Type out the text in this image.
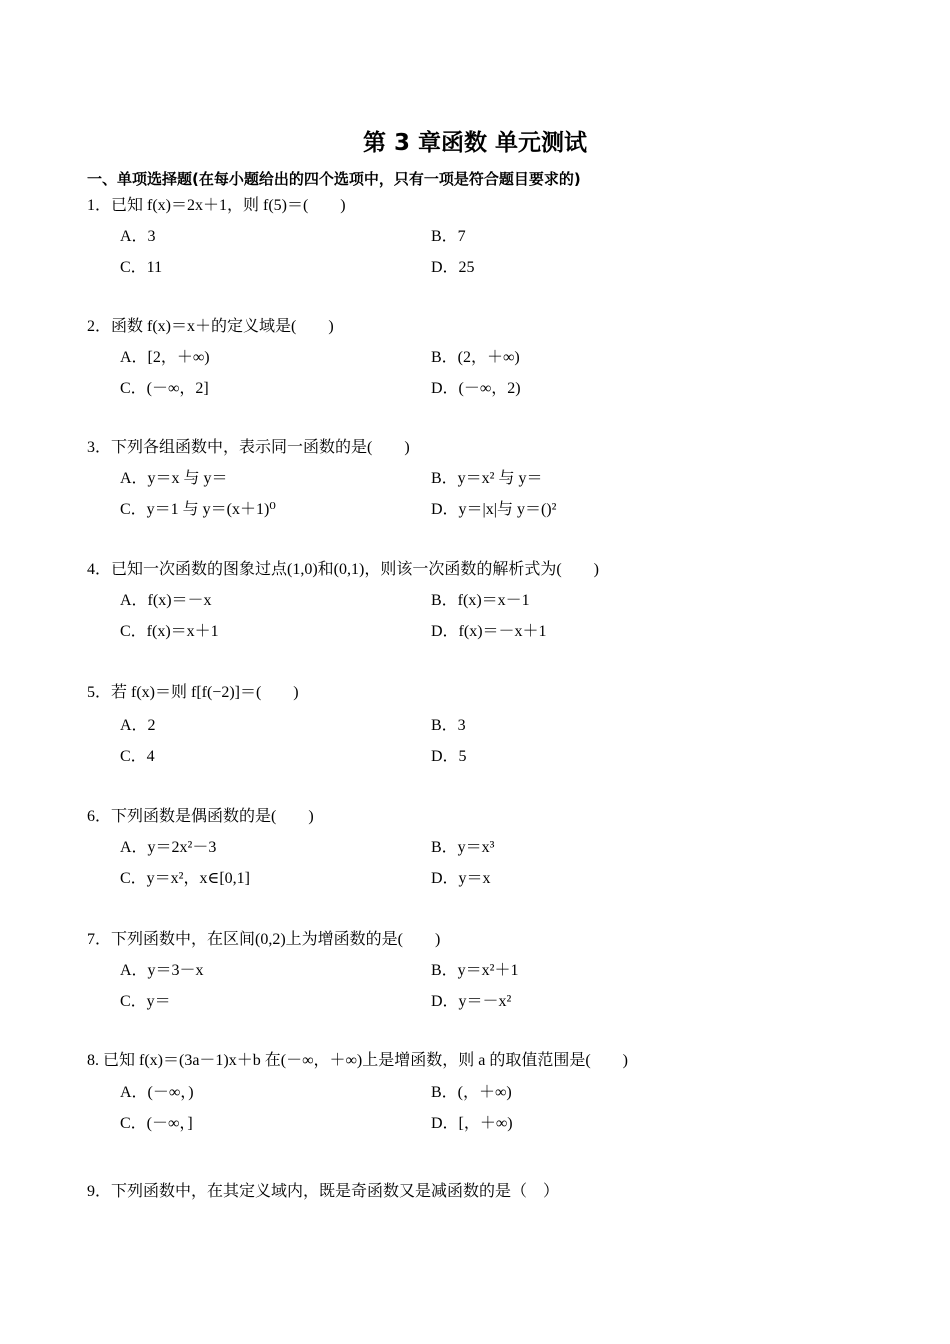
第 3 章函数 单元测试
一、单项选择题(在每小题给出的四个选项中，只有一项是符合题目要求的)
1．已知 f(x)＝2x＋1，则 f(5)＝(　　)
A．3	B．7
C．11	D．25
2．函数 f(x)＝x＋的定义域是(　　)
A．[2，＋∞)	B．(2，＋∞)
C．(－∞，2]	D．(－∞，2)
3．下列各组函数中，表示同一函数的是(　　)
A．y＝x 与 y＝	B．y＝x² 与 y＝
C．y＝1 与 y＝(x＋1)⁰	D．y＝|x|与 y＝()²
4．已知一次函数的图象过点(1,0)和(0,1)，则该一次函数的解析式为(　　)
A．f(x)＝－x	B．f(x)＝x－1
C．f(x)＝x＋1	D．f(x)＝－x＋1
5．若 f(x)＝则 f[f(−2)]＝(　　)
A．2	B．3
C．4	D．5
6．下列函数是偶函数的是(　　)
A．y＝2x²－3	B．y＝x³
C．y＝x²，x∈[0,1]	D．y＝x
7．下列函数中，在区间(0,2)上为增函数的是(　　)
A．y＝3－x	B．y＝x²＋1
C．y＝	D．y＝－x²
8. 已知 f(x)＝(3a－1)x＋b 在(－∞，＋∞)上是增函数，则 a 的取值范围是(　　)
A．(－∞，)	B．(，＋∞)
C．(－∞，]	D．[，＋∞)
9．下列函数中，在其定义域内，既是奇函数又是减函数的是（　）
